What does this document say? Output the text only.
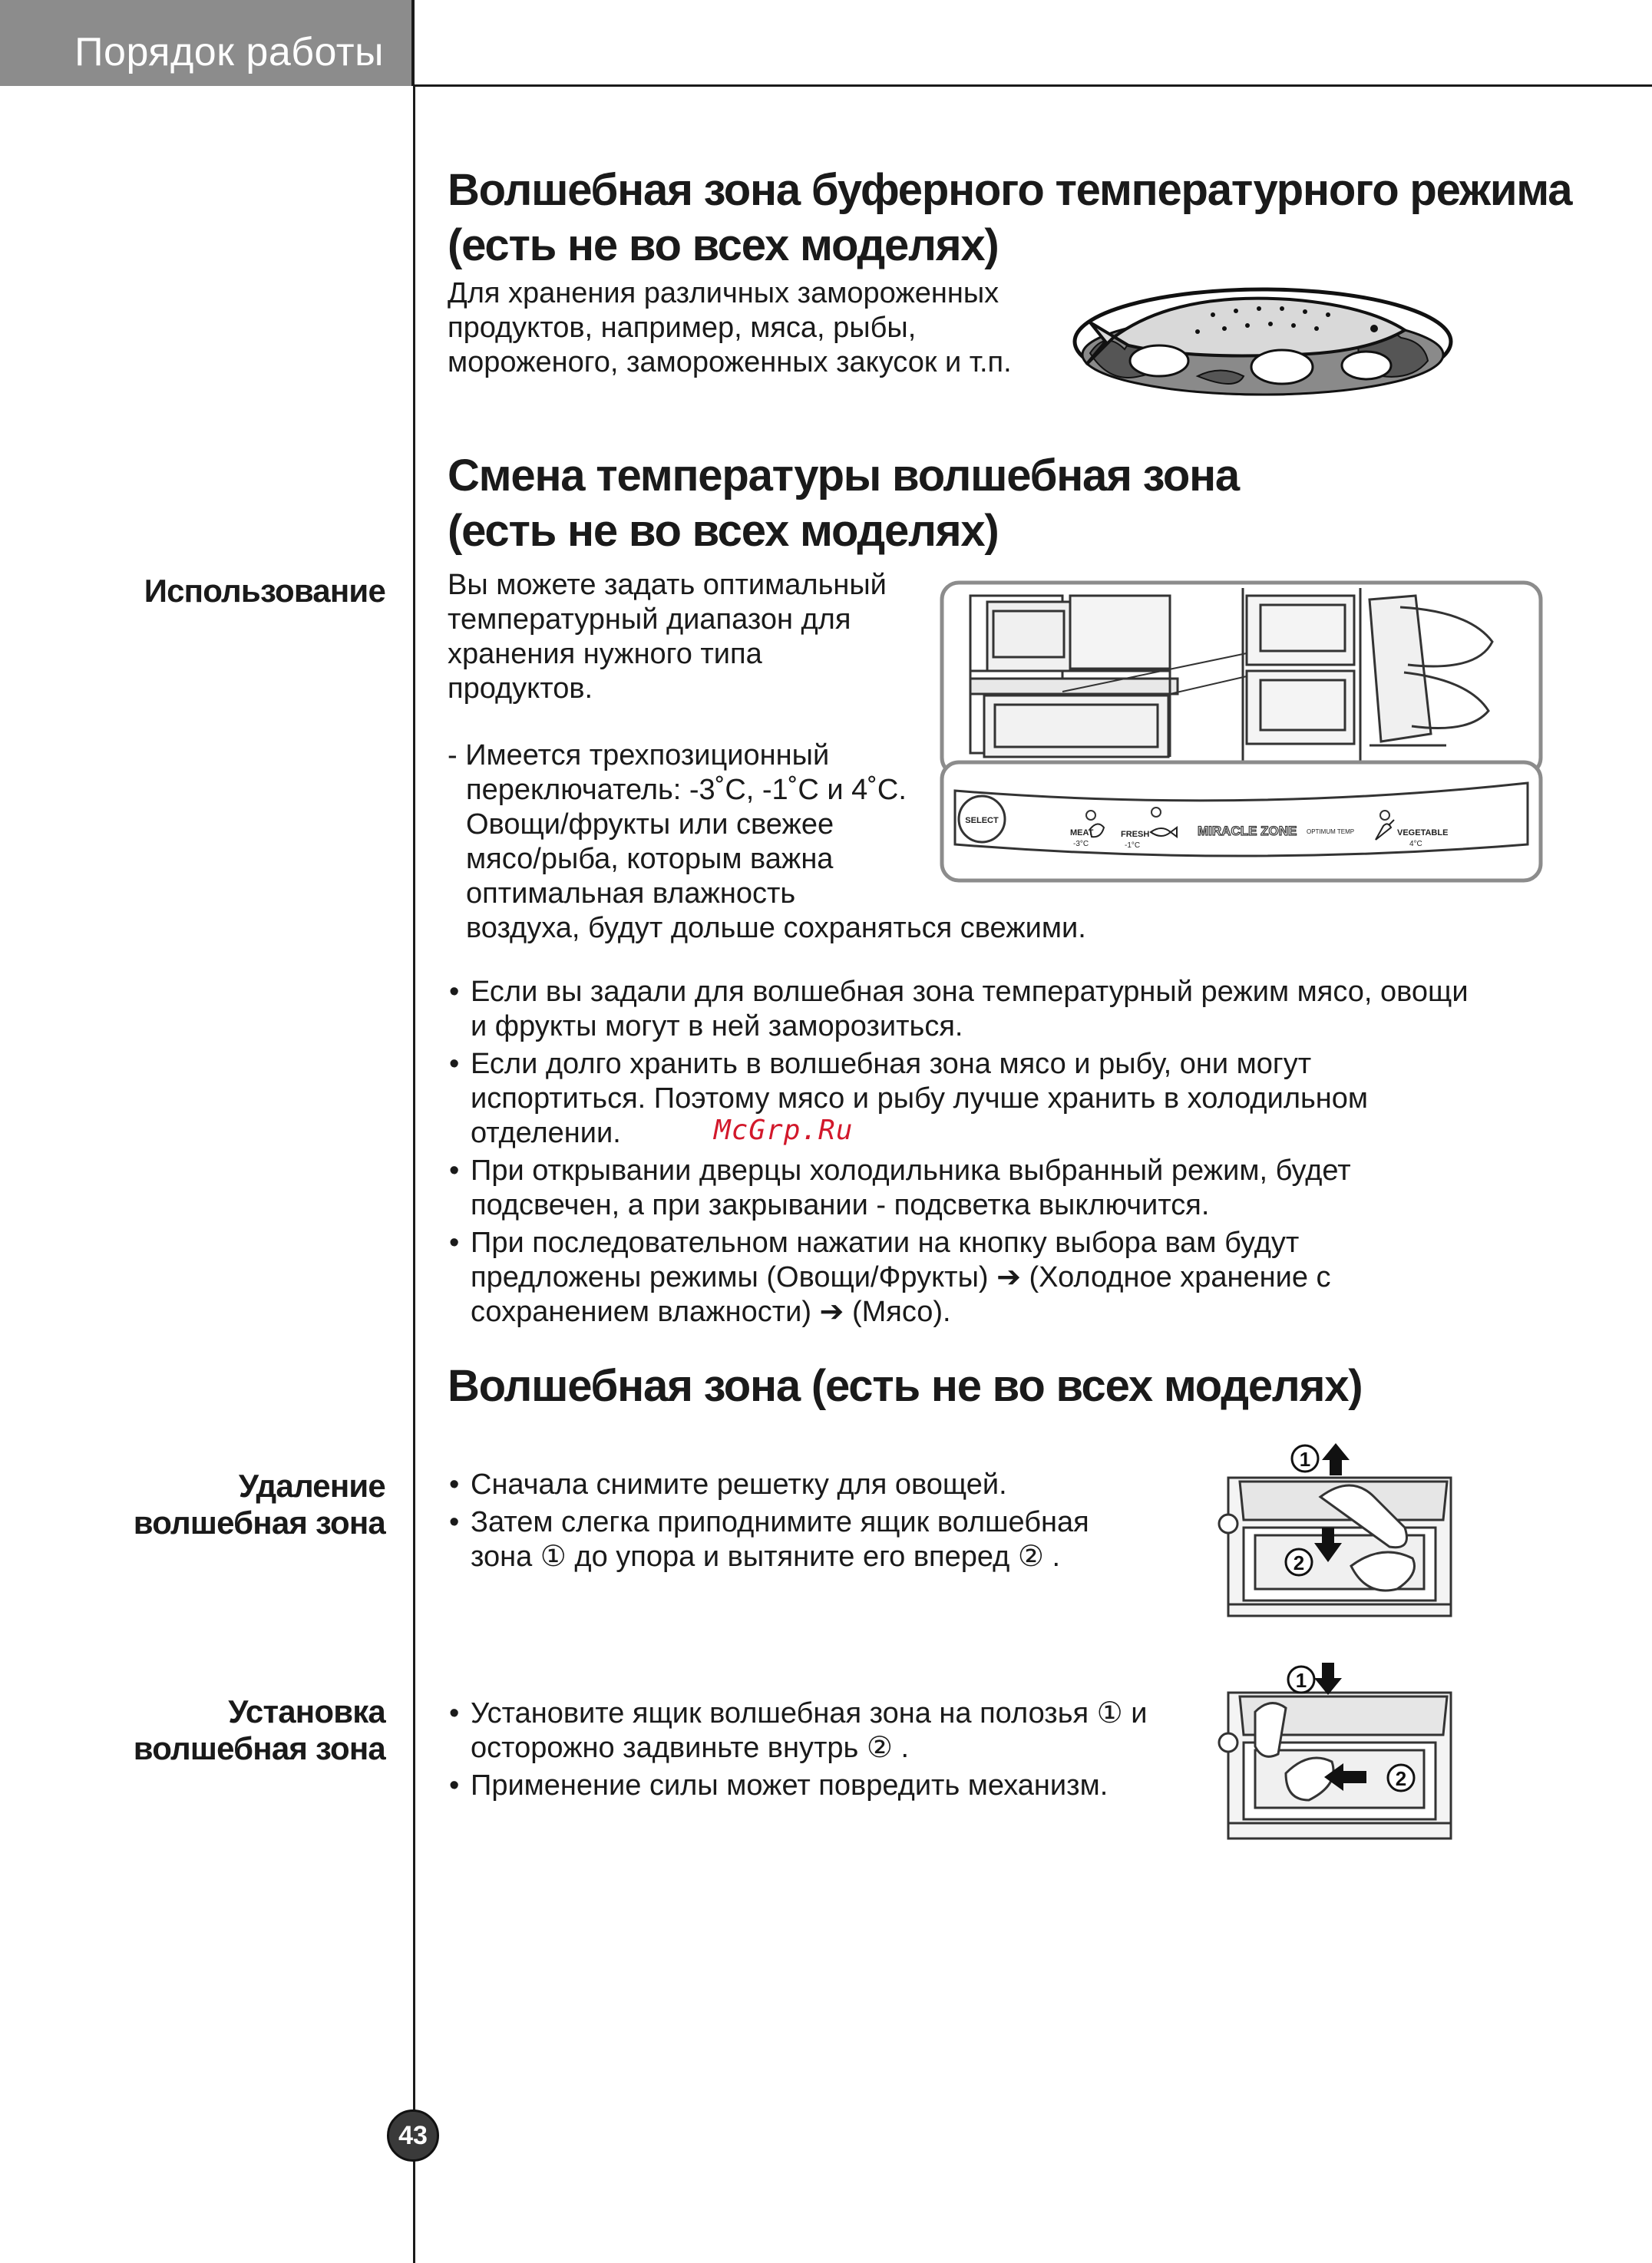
Порядок работы
Волшебная зона буферного температурного режима
(есть не во всех моделях)

Для хранения различных замороженных
продуктов, например, мяса, рыбы,
мороженого, замороженных закусок и т.п.

Смена температуры волшебная зона
(есть не во всех моделях)
Использование Вы можете задать оптимальный
температурный диапазон для
хранения нужного типа
продуктов.

- Имеется трехпозиционный
переключатель: -3˚C, -1˚C и 4˚C.
Овощи/фрукты или свежее
мясо/рыба, которым важна
оптимальная влажность
воздуха, будут дольше сохраняться свежими.

SELECT
MEAT
-3°C
FRESH
-1°C
MIRACLE ZONE OPTIMUM TEMP	VEGETABLE
4°C
• Если вы задали для волшебная зона температурный режим мясо, овощи
и фрукты могут в ней заморозиться.
• Если долго хранить в волшебная зона мясо и рыбу, они могут
испортиться. Поэтому мясо и рыбу лучше хранить в холодильном
отделении.
• При открывании дверцы холодильника выбранный режим, будет
подсвечен, а при закрывании - подсветка выключится.
• При последовательном нажатии на кнопку выбора вам будут
предложены режимы (Овощи/Фрукты) ➔ (Холодное хранение с
сохранением влажности) ➔ (Мясо).
McGrp.Ru
Волшебная зона (есть не во всех моделях)
Удаление
волшебная зона
• Сначала снимите решетку для овощей.
• Затем слегка приподнимите ящик волшебная
зона ① до упора и вытяните его вперед ② .
1
2
Установка
волшебная зона
• Установите ящик волшебная зона на полозья ① и
осторожно задвиньте внутрь ② .
• Применение силы может повредить механизм.
1
2
43
